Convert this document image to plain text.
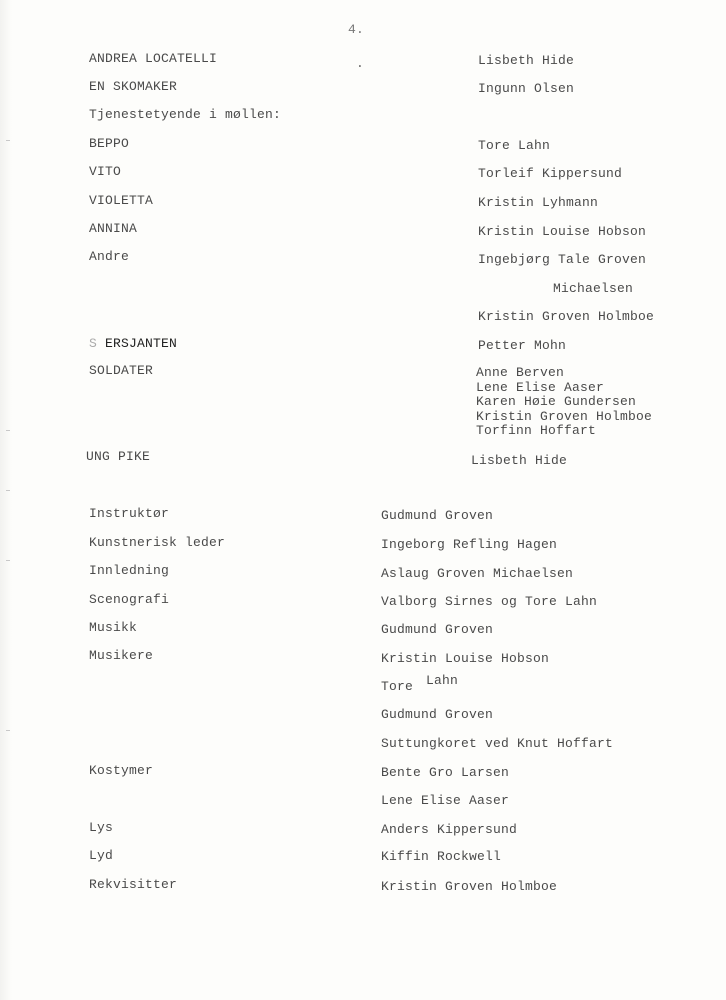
4.
.
ANDREA LOCATELLI	Lisbeth Hide
EN SKOMAKER	Ingunn Olsen
Tjenestetyende i møllen:
BEPPO	Tore Lahn
VITO	Torleif Kippersund
VIOLETTA	Kristin Lyhmann
ANNINA	Kristin Louise Hobson
Andre	Ingebjørg Tale Groven
Michaelsen
Kristin Groven Holmboe
S ERSJANTEN	Petter Mohn
SOLDATER	Anne Berven
Lene Elise Aaser
Karen Høie Gundersen
Kristin Groven Holmboe
Torfinn Hoffart
UNG PIKE	Lisbeth Hide
Instruktør	Gudmund Groven
Kunstnerisk leder	Ingeborg Refling Hagen
Innledning	Aslaug Groven Michaelsen
Scenografi	Valborg Sirnes og Tore Lahn
Musikk	Gudmund Groven
Musikere	Kristin Louise Hobson
Tore Lahn
Gudmund Groven
Suttungkoret ved Knut Hoffart
Kostymer	Bente Gro Larsen
Lene Elise Aaser
Lys	Anders Kippersund
Lyd	Kiffin Rockwell
Rekvisitter	Kristin Groven Holmboe
